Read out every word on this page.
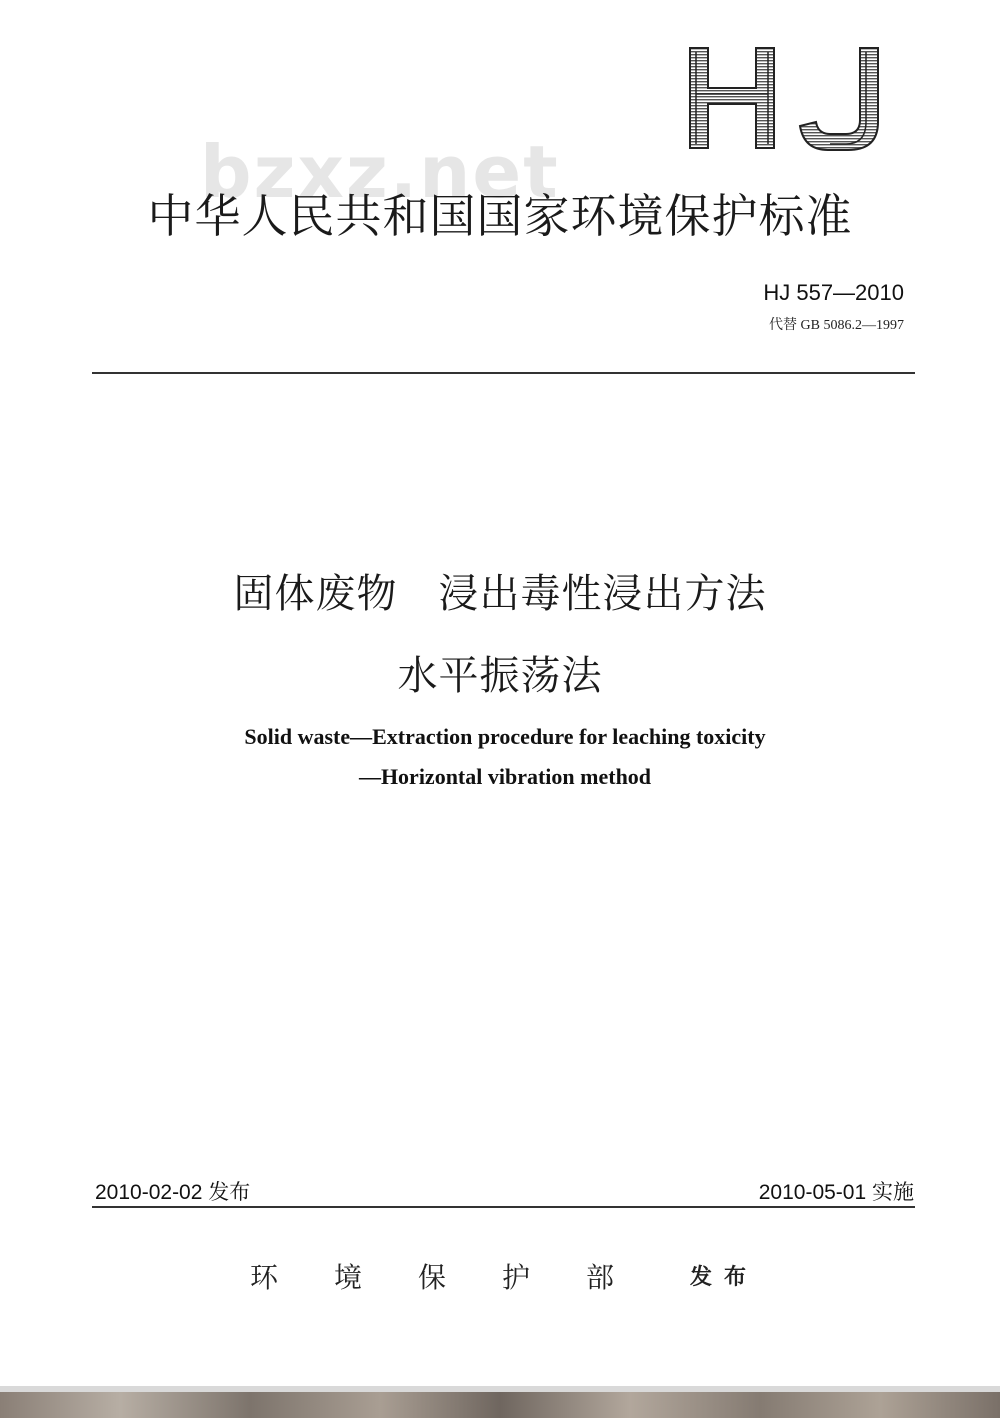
bzxz.net
中华人民共和国国家环境保护标准
HJ 557—2010
代替 GB 5086.2—1997
固体废物　浸出毒性浸出方法
水平振荡法
Solid waste—Extraction procedure for leaching toxicity
—Horizontal vibration method
2010-02-02 发布	2010-05-01 实施
环境保护部 发布
